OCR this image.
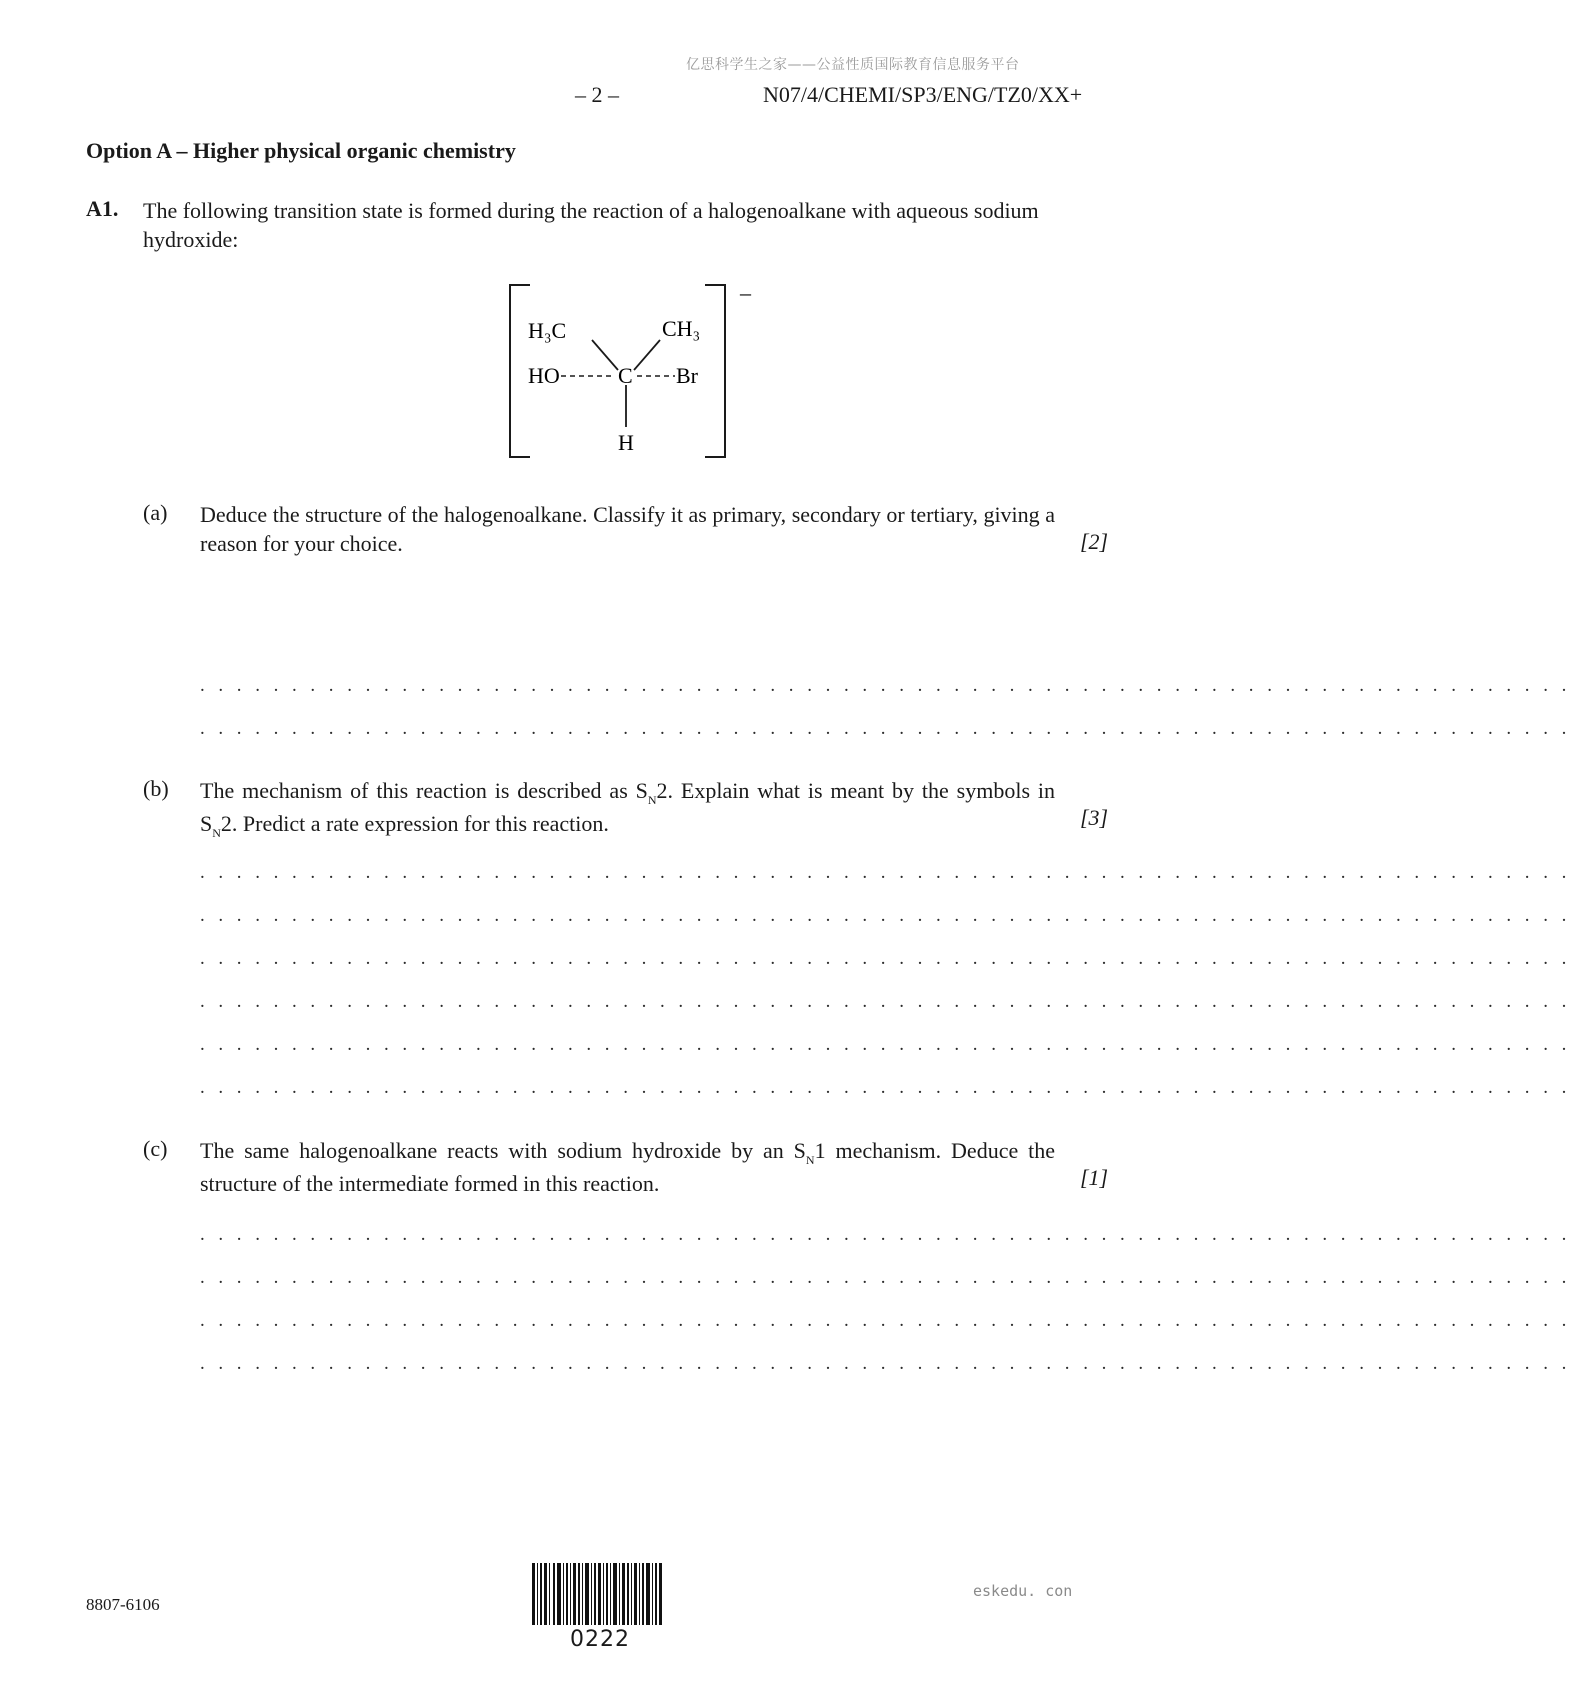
亿思科学生之家——公益性质国际教育信息服务平台
– 2 –	N07/4/CHEMI/SP3/ENG/TZ0/XX+
Option A – Higher physical organic chemistry
A1. The following transition state is formed during the reaction of a halogenoalkane with aqueous sodium hydroxide:
–
H₃C	CH₃
HO	C Br
H
(a) Deduce the structure of the halogenoalkane. Classify it as primary, secondary or tertiary, giving a reason for your choice.	[2]
. . . . . . . . . . . . . . . . . . . . . . . . . . . . . . . . . . . . . . . . . . . . . . . . . . . . . . . . . . . . . . . . . . . . . . . . . . .
. . . . . . . . . . . . . . . . . . . . . . . . . . . . . . . . . . . . . . . . . . . . . . . . . . . . . . . . . . . . . . . . . . . . . . . . . . .
(b) The mechanism of this reaction is described as $S_N2$. Explain what is meant by the symbols in $S_N2$. Predict a rate expression for this reaction.	[3]
. . . . . . . . . . . . . . . . . . . . . . . . . . . . . . . . . . . . . . . . . . . . . . . . . . . . . . . . . . . . . . . . . . . . . . . . . . .
. . . . . . . . . . . . . . . . . . . . . . . . . . . . . . . . . . . . . . . . . . . . . . . . . . . . . . . . . . . . . . . . . . . . . . . . . . .
. . . . . . . . . . . . . . . . . . . . . . . . . . . . . . . . . . . . . . . . . . . . . . . . . . . . . . . . . . . . . . . . . . . . . . . . . . .
. . . . . . . . . . . . . . . . . . . . . . . . . . . . . . . . . . . . . . . . . . . . . . . . . . . . . . . . . . . . . . . . . . . . . . . . . . .
. . . . . . . . . . . . . . . . . . . . . . . . . . . . . . . . . . . . . . . . . . . . . . . . . . . . . . . . . . . . . . . . . . . . . . . . . . .
. . . . . . . . . . . . . . . . . . . . . . . . . . . . . . . . . . . . . . . . . . . . . . . . . . . . . . . . . . . . . . . . . . . . . . . . . . .
(c) The same halogenoalkane reacts with sodium hydroxide by an $S_N1$ mechanism. Deduce the structure of the intermediate formed in this reaction.	[1]
. . . . . . . . . . . . . . . . . . . . . . . . . . . . . . . . . . . . . . . . . . . . . . . . . . . . . . . . . . . . . . . . . . . . . . . . . . .
. . . . . . . . . . . . . . . . . . . . . . . . . . . . . . . . . . . . . . . . . . . . . . . . . . . . . . . . . . . . . . . . . . . . . . . . . . .
. . . . . . . . . . . . . . . . . . . . . . . . . . . . . . . . . . . . . . . . . . . . . . . . . . . . . . . . . . . . . . . . . . . . . . . . . . .
. . . . . . . . . . . . . . . . . . . . . . . . . . . . . . . . . . . . . . . . . . . . . . . . . . . . . . . . . . . . . . . . . . . . . . . . . . .
8807-6106
eskedu. con
0222
